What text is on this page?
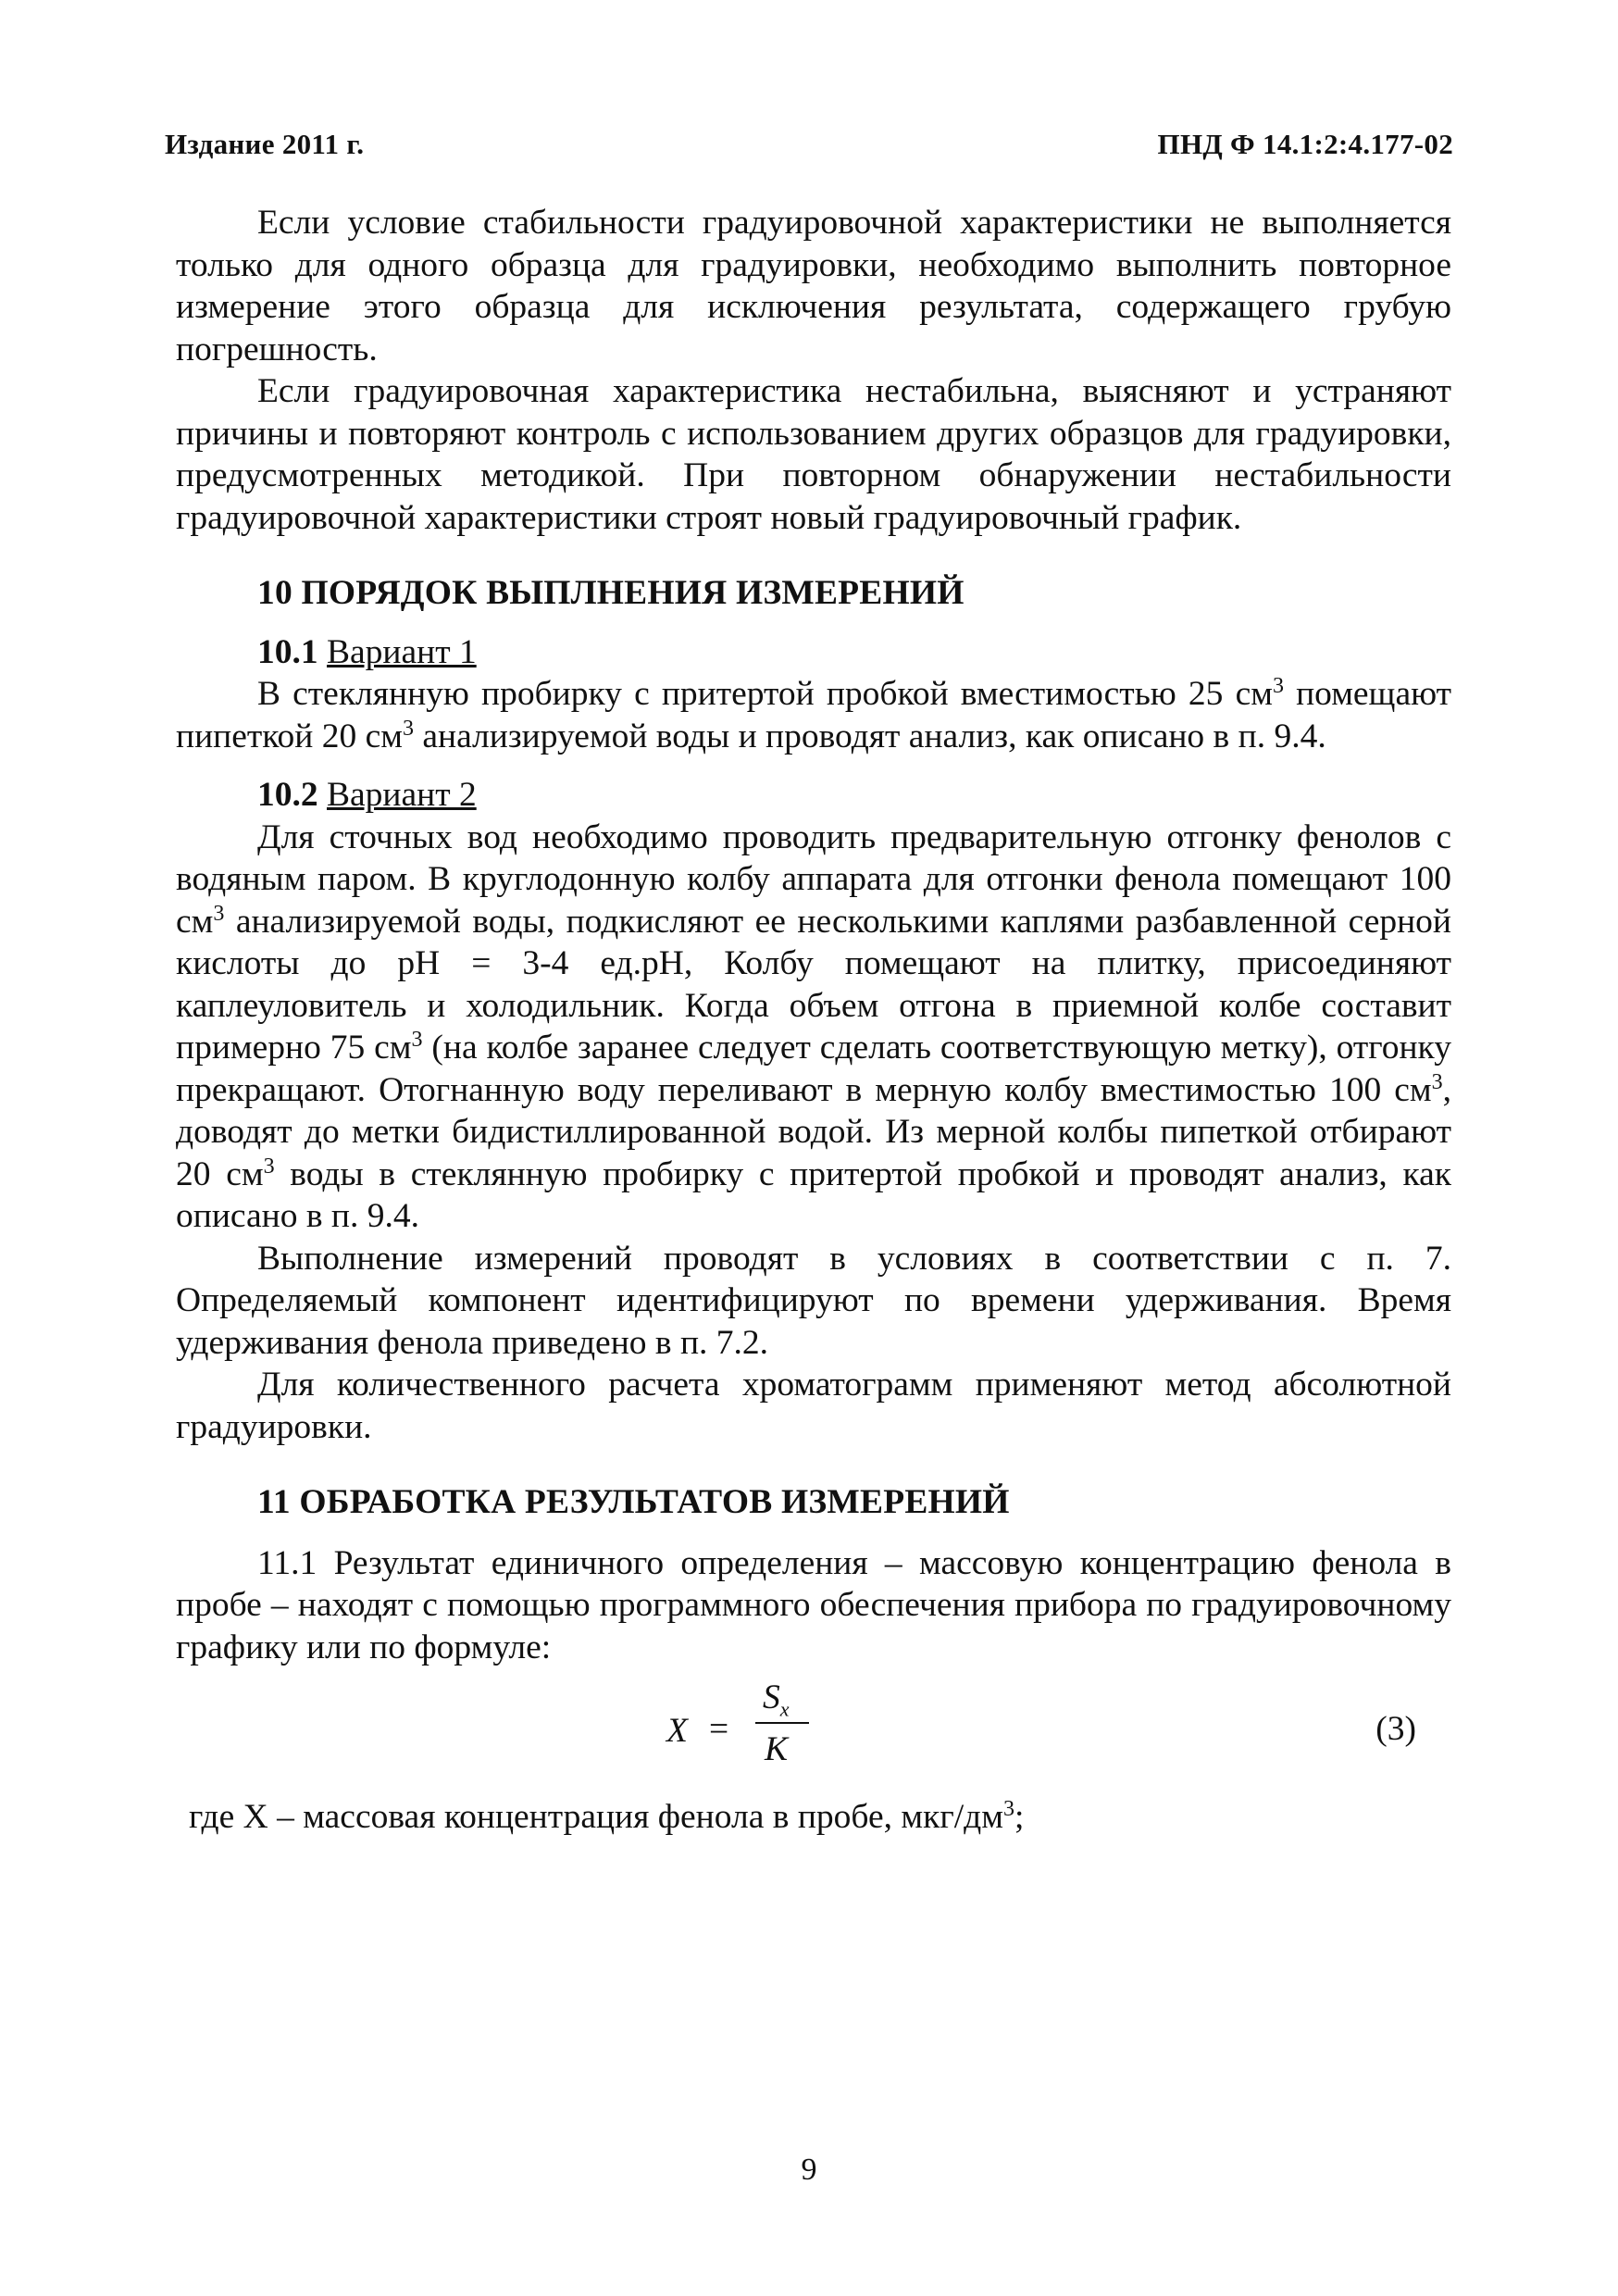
Издание 2011 г.	ПНД Ф 14.1:2:4.177-02

Если условие стабильности градуировочной характеристики не выполняется только для одного образца для градуировки, необходимо выполнить повторное измерение этого образца для исключения результата, содержащего грубую погрешность.

Если градуировочная характеристика нестабильна, выясняют и устраняют причины и повторяют контроль с использованием других образцов для градуировки, предусмотренных методикой. При повторном обнаружении нестабильности градуировочной характеристики строят новый градуировочный график.

10 ПОРЯДОК ВЫПЛНЕНИЯ ИЗМЕРЕНИЙ
10.1 Вариант 1

В стеклянную пробирку с притертой пробкой вместимостью 25 $см^3$ помещают пипеткой 20 $см^3$ анализируемой воды и проводят анализ, как описано в п. 9.4.

10.2 Вариант 2

Для сточных вод необходимо проводить предварительную отгонку фенолов с водяным паром. В круглодонную колбу аппарата для отгонки фенола помещают 100 $см^3$ анализируемой воды, подкисляют ее несколькими каплями разбавленной серной кислоты до рН = 3-4 ед.рН, Колбу помещают на плитку, присоединяют каплеуловитель и холодильник. Когда объем отгона в приемной колбе составит примерно 75 $см^3$ (на колбе заранее следует сделать соответствующую метку), отгонку прекращают. Отогнанную воду переливают в мерную колбу вместимостью 100 $см^3$, доводят до метки бидистиллированной водой. Из мерной колбы пипеткой отбирают 20 $см^3$ воды в стеклянную пробирку с притертой пробкой и проводят анализ, как описано в п. 9.4.

Выполнение измерений проводят в условиях в соответствии с п. 7. Определяемый компонент идентифицируют по времени удерживания. Время удерживания фенола приведено в п. 7.2.

Для количественного расчета хроматограмм применяют метод абсолютной градуировки.

11 ОБРАБОТКА РЕЗУЛЬТАТОВ ИЗМЕРЕНИЙ

11.1 Результат единичного определения – массовую концентрацию фенола в пробе – находят с помощью программного обеспечения прибора по градуировочному графику или по формуле:

X =
$S_x$
K
(3)
где X – массовая концентрация фенола в пробе, мкг/$дм^3$;
9
